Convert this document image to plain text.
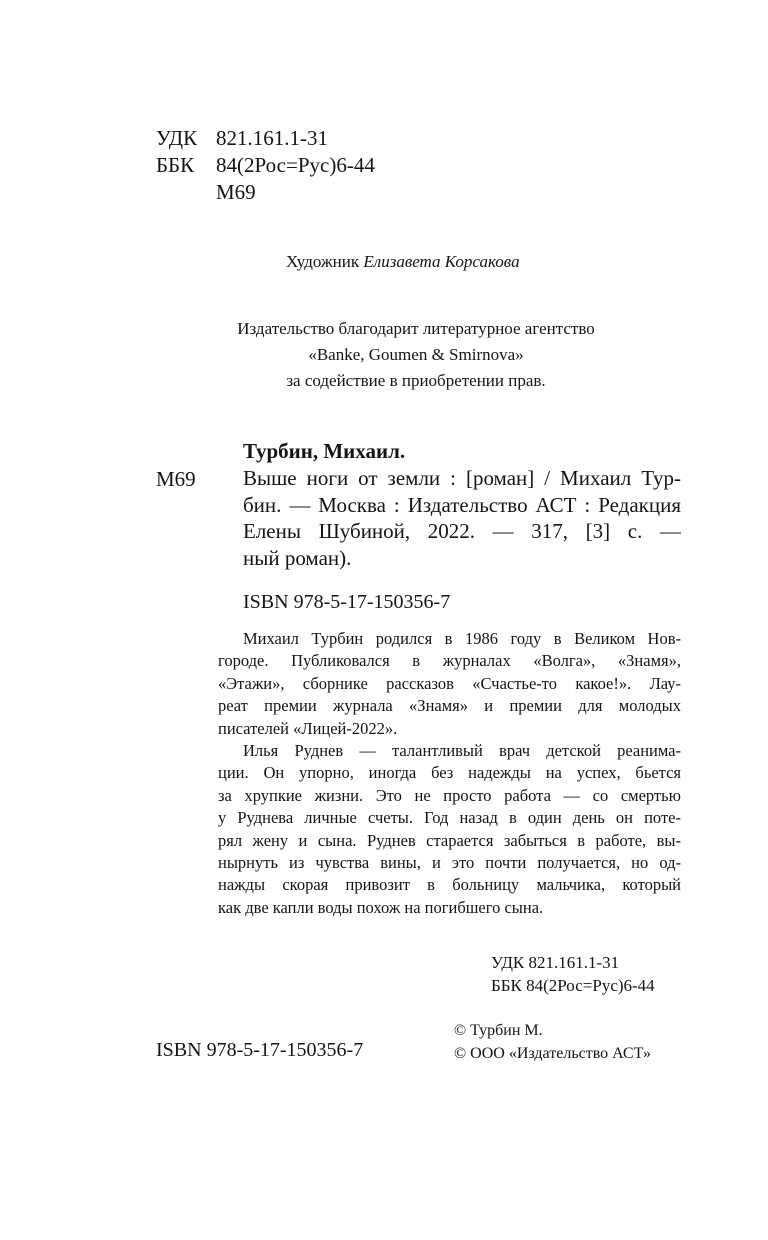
УДК 821.161.1-31
ББК	84(2Рос=Рус)6-44
М69
Художник Елизавета Корсакова
Издательство благодарит литературное агентство
«Banke, Goumen & Smirnova»
за содействие в приобретении прав.
Турбин, Михаил.
М69 Выше ноги от земли : [роман] / Михаил Тур-
бин. — Москва : Издательство АСТ : Редакция
Елены Шубиной, 2022. — 317, [3] с. —
ный роман).
ISBN 978-5-17-150356-7
Михаил Турбин родился в 1986 году в Великом Нов-
городе. Публиковался в журналах «Волга», «Знамя»,
«Этажи», сборнике рассказов «Счастье-то какое!». Лау-
реат премии журнала «Знамя» и премии для молодых
писателей «Лицей-2022».
Илья Руднев — талантливый врач детской реанима-
ции. Он упорно, иногда без надежды на успех, бьется
за хрупкие жизни. Это не просто работа — со смертью
у Руднева личные счеты. Год назад в один день он поте-
рял жену и сына. Руднев старается забыться в работе, вы-
нырнуть из чувства вины, и это почти получается, но од-
нажды скорая привозит в больницу мальчика, который
как две капли воды похож на погибшего сына.
УДК 821.161.1-31
ББК 84(2Рос=Рус)6-44
ISBN 978-5-17-150356-7
© Турбин М.
© ООО «Издательство АСТ»
